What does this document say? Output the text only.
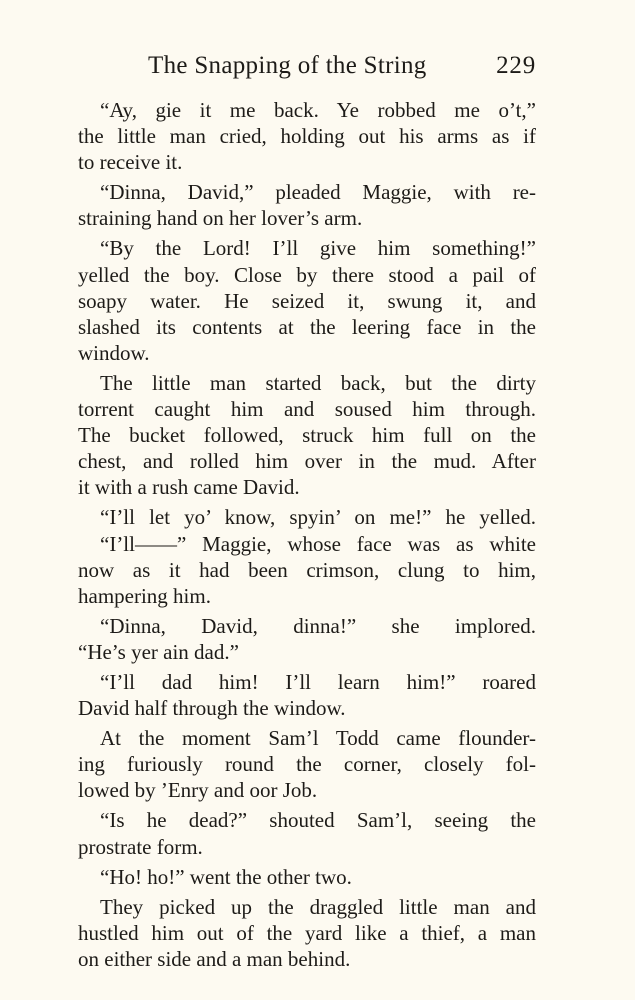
The Snapping of the String	229
“Ay, gie it me back. Ye robbed me o’t,”
the little man cried, holding out his arms as if
to receive it.
“Dinna, David,” pleaded Maggie, with re-
straining hand on her lover’s arm.
“By the Lord! I’ll give him something!”
yelled the boy. Close by there stood a pail of
soapy water. He seized it, swung it, and
slashed its contents at the leering face in the
window.
The little man started back, but the dirty
torrent caught him and soused him through.
The bucket followed, struck him full on the
chest, and rolled him over in the mud. After
it with a rush came David.
“I’ll let yo’ know, spyin’ on me!” he yelled.
“I’ll——” Maggie, whose face was as white
now as it had been crimson, clung to him,
hampering him.
“Dinna, David, dinna!” she implored.
“He’s yer ain dad.”
“I’ll dad him! I’ll learn him!” roared
David half through the window.
At the moment Sam’l Todd came flounder-
ing furiously round the corner, closely fol-
lowed by ’Enry and oor Job.
“Is he dead?” shouted Sam’l, seeing the
prostrate form.
“Ho! ho!” went the other two.
They picked up the draggled little man and
hustled him out of the yard like a thief, a man
on either side and a man behind.
